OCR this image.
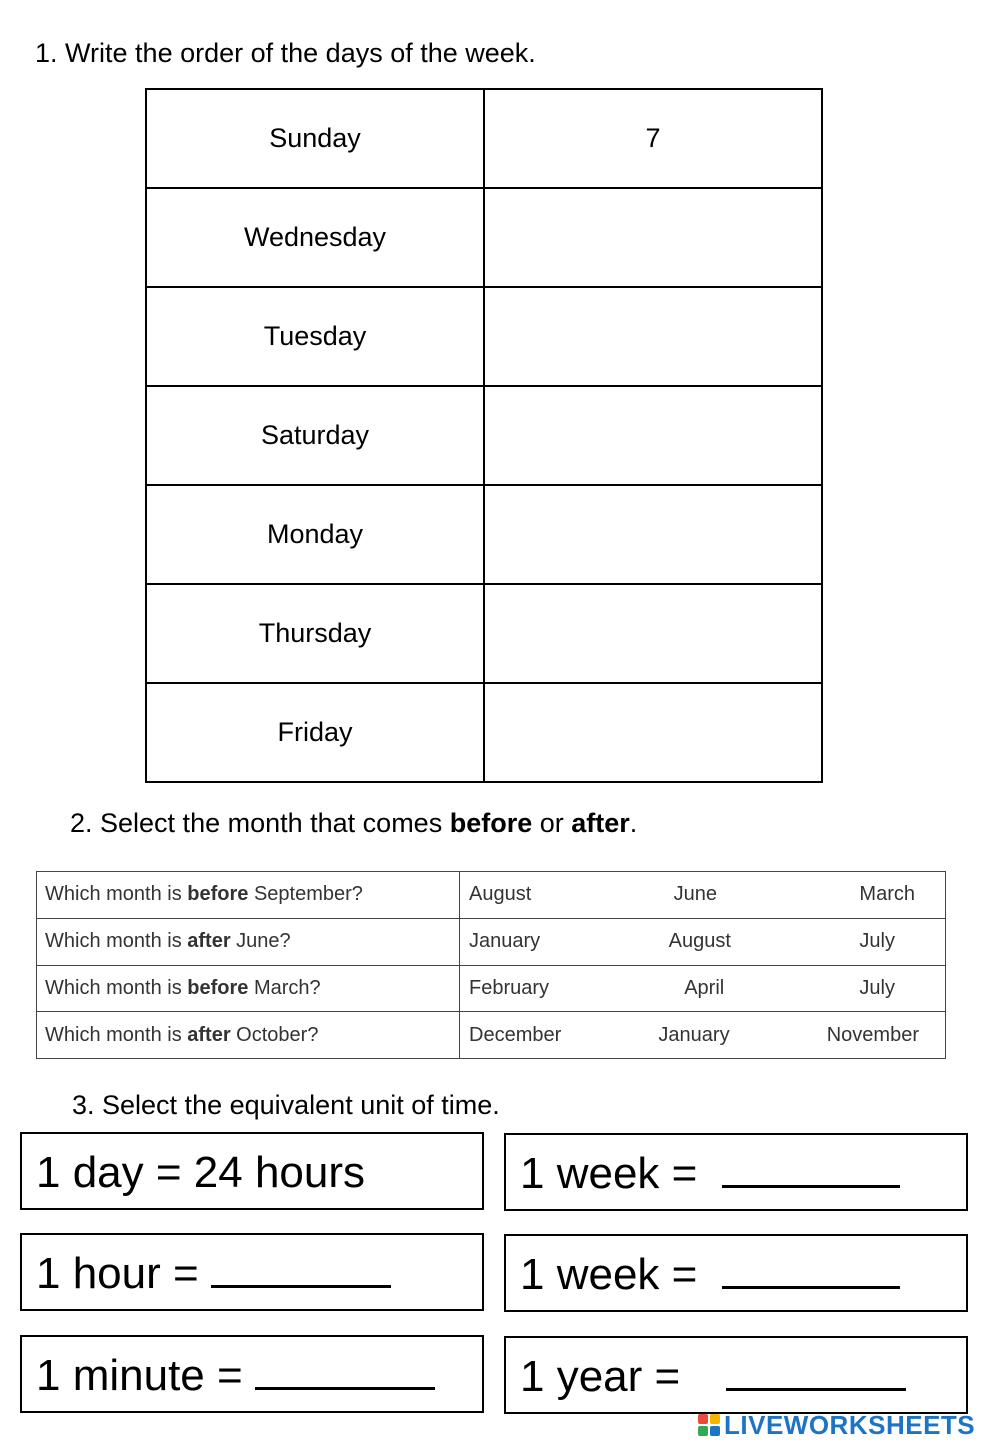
1. Write the order of the days of the week.
Sunday	7
Wednesday	
Tuesday	
Saturday	
Monday	
Thursday	
Friday	
2. Select the month that comes before or after.
Which month is before September?	August June March

Which month is after June?	January August July

Which month is before March?	February April July

Which month is after October?	December January November
3. Select the equivalent unit of time.
1 day = 24 hours	1 week =
1 hour =	1 week =
1 minute =	1 year =
LIVEWORKSHEETS
